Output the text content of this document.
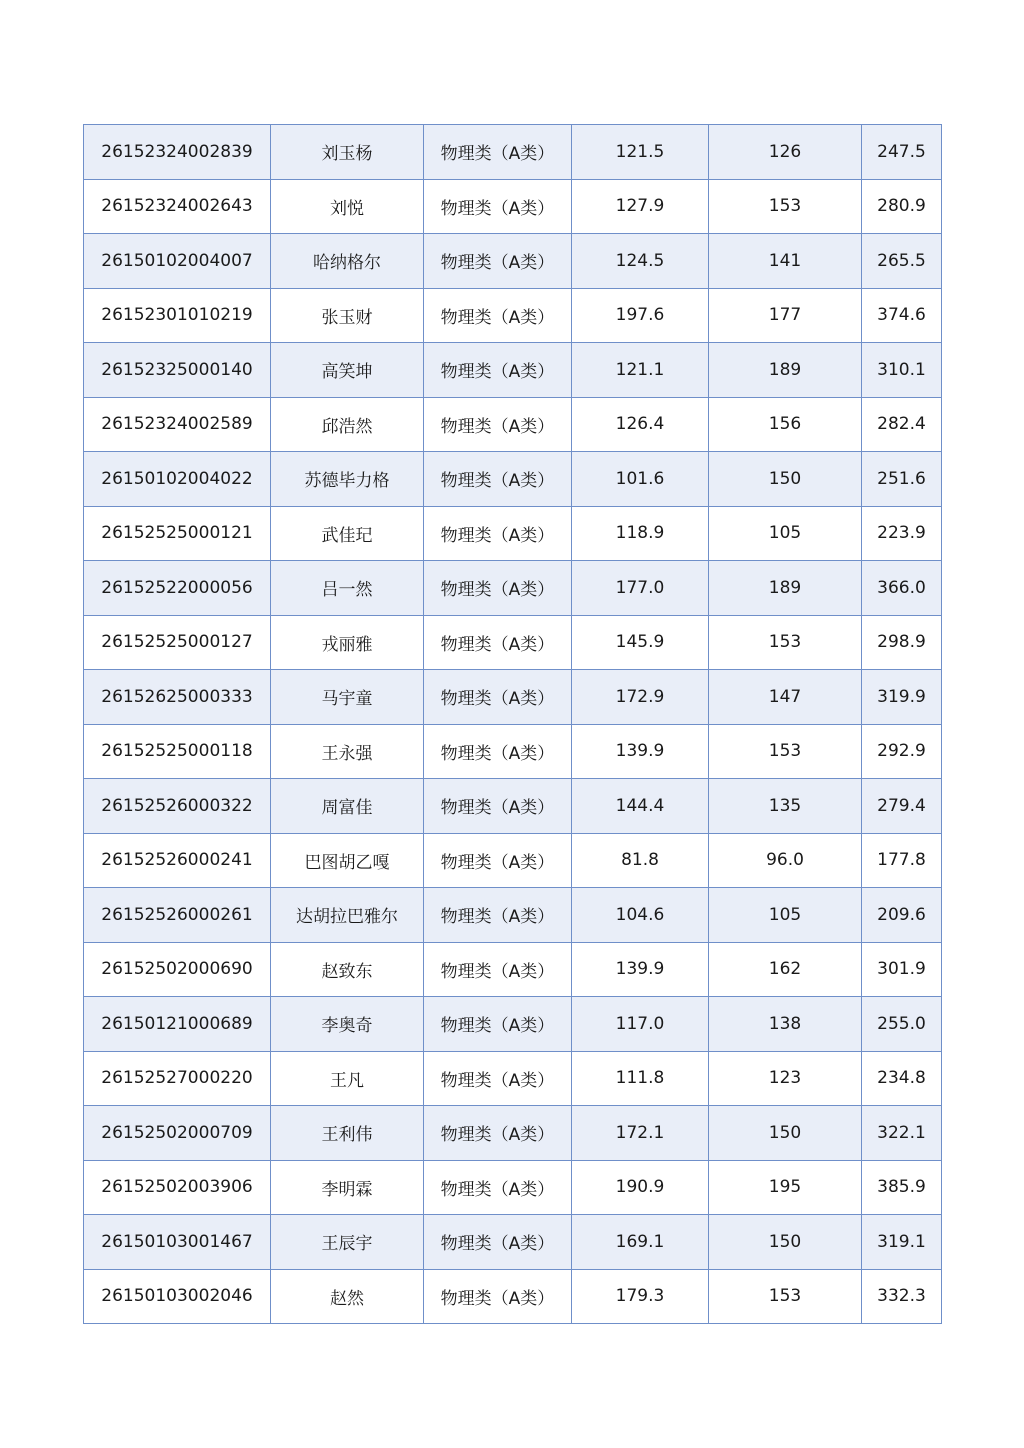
26152324002839	刘玉杨	物理类（A类）	121.5	126	247.5
26152324002643	刘悦	物理类（A类）	127.9	153	280.9
26150102004007	哈纳格尔	物理类（A类）	124.5	141	265.5
26152301010219	张玉财	物理类（A类）	197.6	177	374.6
26152325000140	高笑坤	物理类（A类）	121.1	189	310.1
26152324002589	邱浩然	物理类（A类）	126.4	156	282.4
26150102004022	苏德毕力格	物理类（A类）	101.6	150	251.6
26152525000121	武佳玘	物理类（A类）	118.9	105	223.9
26152522000056	吕一然	物理类（A类）	177.0	189	366.0
26152525000127	戎丽雅	物理类（A类）	145.9	153	298.9
26152625000333	马宇童	物理类（A类）	172.9	147	319.9
26152525000118	王永强	物理类（A类）	139.9	153	292.9
26152526000322	周富佳	物理类（A类）	144.4	135	279.4
26152526000241	巴图胡乙嘎	物理类（A类）	81.8	96.0	177.8
26152526000261	达胡拉巴雅尔	物理类（A类）	104.6	105	209.6
26152502000690	赵致东	物理类（A类）	139.9	162	301.9
26150121000689	李奥奇	物理类（A类）	117.0	138	255.0
26152527000220	王凡	物理类（A类）	111.8	123	234.8
26152502000709	王利伟	物理类（A类）	172.1	150	322.1
26152502003906	李明霖	物理类（A类）	190.9	195	385.9
26150103001467	王辰宇	物理类（A类）	169.1	150	319.1
26150103002046	赵然	物理类（A类）	179.3	153	332.3
